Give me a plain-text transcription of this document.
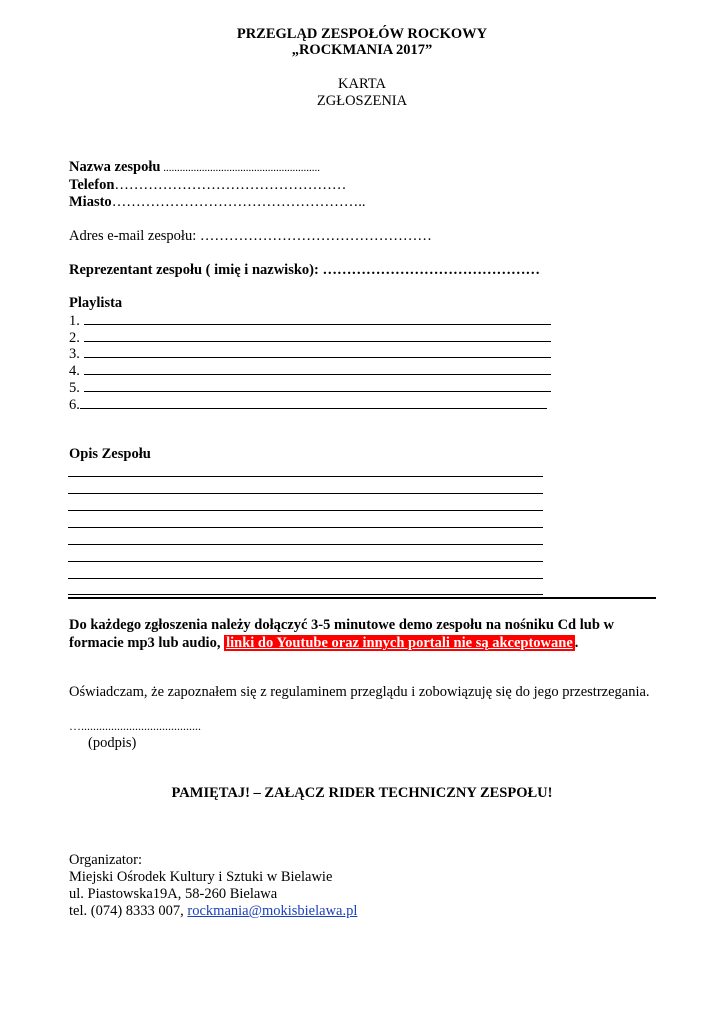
PRZEGLĄD ZESPOŁÓW ROCKOWY
„ROCKMANIA 2017”
KARTA
ZGŁOSZENIA
Nazwa zespołu .........................................................
Telefon…………………………………………
Miasto……………………………………………..
Adres e-mail zespołu: …………………………………………
Reprezentant zespołu ( imię i nazwisko): ………………………………………
Playlista
1.
2.
3.
4.
5.
6.
Opis Zespołu
Do każdego zgłoszenia należy dołączyć 3-5 minutowe demo zespołu na nośniku Cd lub w
formacie mp3 lub audio, linki do Youtube oraz innych portali nie są akceptowane .
Oświadczam, że zapoznałem się z regulaminem przeglądu i zobowiązuję się do jego przestrzegania.
…........................................
(podpis)
PAMIĘTAJ! – ZAŁĄCZ RIDER TECHNICZNY ZESPOŁU!
Organizator:
Miejski Ośrodek Kultury i Sztuki w Bielawie
ul. Piastowska19A, 58-260 Bielawa
tel. (074) 8333 007, rockmania@mokisbielawa.pl
